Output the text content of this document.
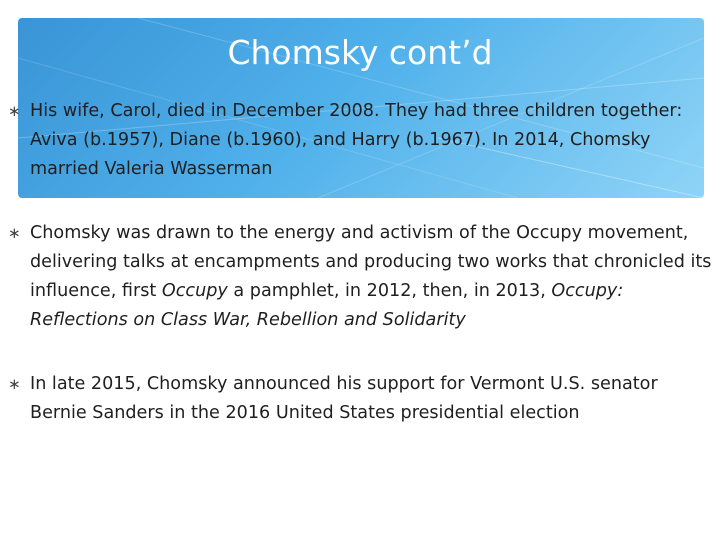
Chomsky cont’d
∗ His wife, Carol, died in December 2008. They had three children together: Aviva (b.1957), Diane (b.1960), and Harry (b.1967). In 2014, Chomsky married Valeria Wasserman
∗ Chomsky was drawn to the energy and activism of the Occupy movement, delivering talks at encampments and producing two works that chronicled its influence, first Occupy a pamphlet, in 2012, then, in 2013, Occupy: Reflections on Class War, Rebellion and Solidarity
∗ In late 2015, Chomsky announced his support for Vermont U.S. senator Bernie Sanders in the 2016 United States presidential election
